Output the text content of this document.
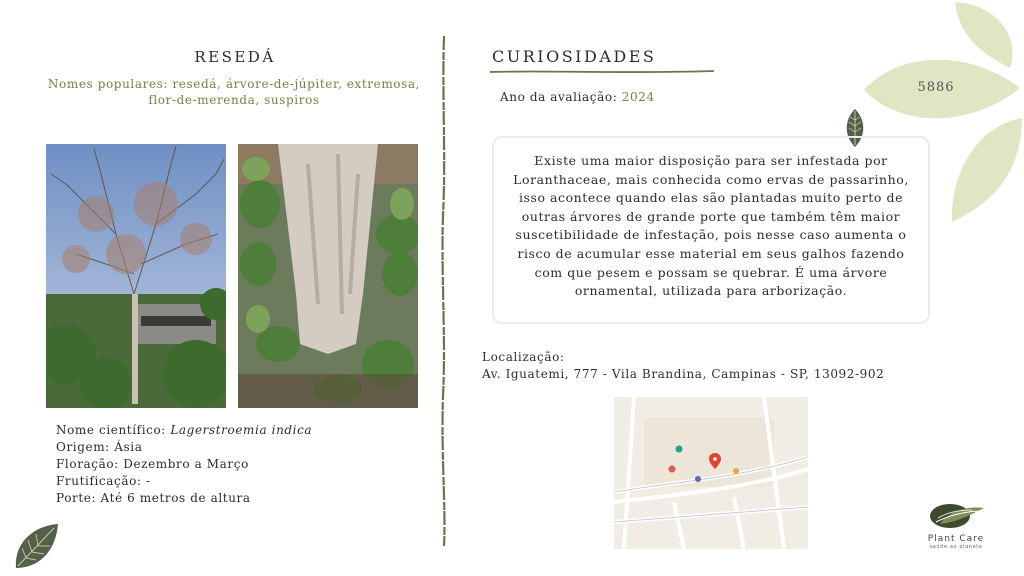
5886
RESEDÁ
Nomes populares: resedá, árvore-de-júpiter, extremosa, flor-de-merenda, suspiros
Nome científico: Lagerstroemia indica
Origem: Ásia
Floração: Dezembro a Março
Frutificação: -
Porte: Até 6 metros de altura
CURIOSIDADES
Ano da avaliação: 2024
Existe uma maior disposição para ser infestada por Loranthaceae, mais conhecida como ervas de passarinho, isso acontece quando elas são plantadas muito perto de outras árvores de grande porte que também têm maior suscetibilidade de infestação, pois nesse caso aumenta o risco de acumular esse material em seus galhos fazendo com que pesem e possam se quebrar. É uma árvore ornamental, utilizada para arborização.
Localização:
Av. Iguatemi, 777 - Vila Brandina, Campinas - SP, 13092-902
Plant Care
saúde ao planeta
